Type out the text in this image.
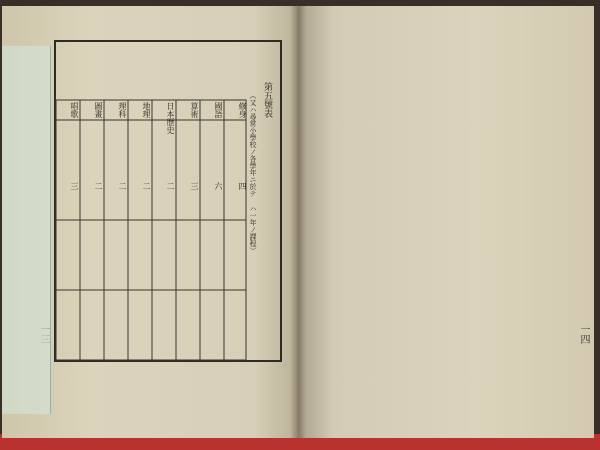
第五號表
（又ハ尋常小學校ノ各學年ニ於テ ハ一年ノ課程）
修身
國語
算術
日本歷史
地理
理科
圖畫
唱歌
四
六
三
二
二
二
二
三
一四
